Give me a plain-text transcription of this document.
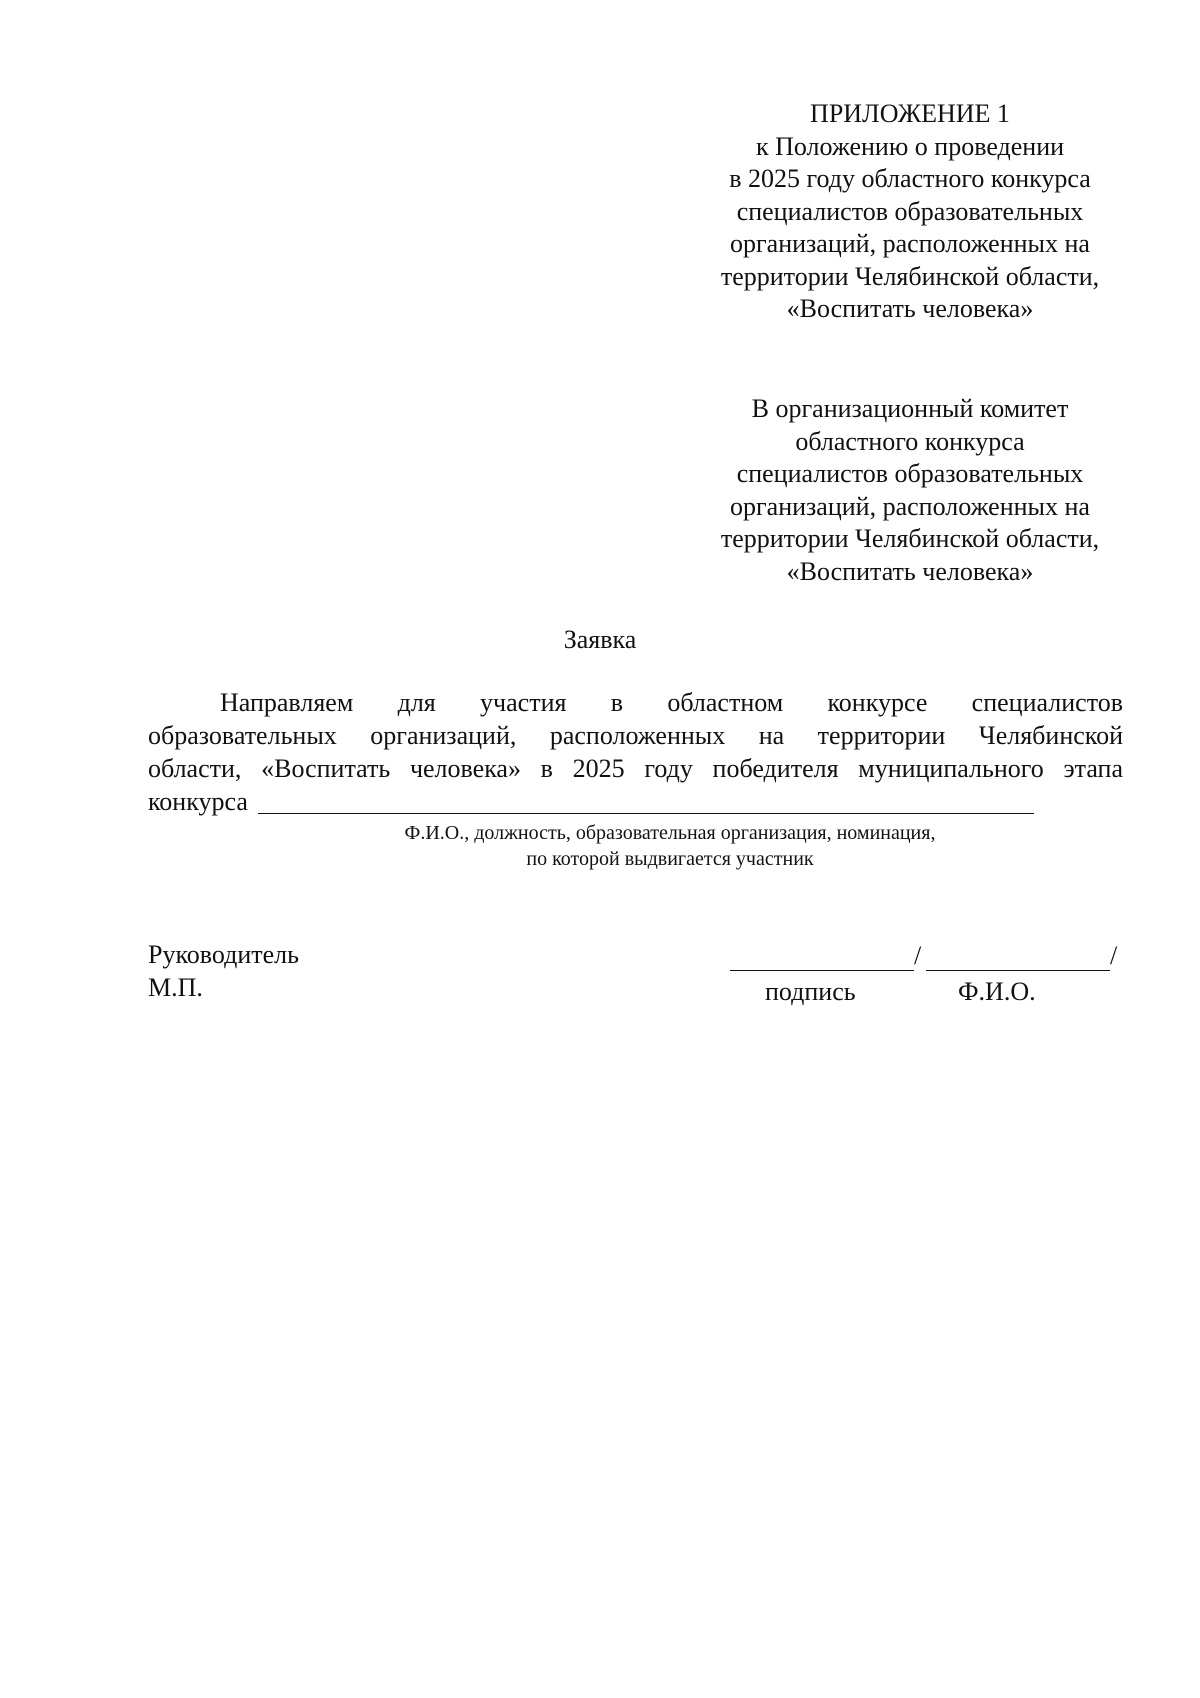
ПРИЛОЖЕНИЕ 1
к Положению о проведении
в 2025 году областного конкурса
специалистов образовательных
организаций, расположенных на
территории Челябинской области,
«Воспитать человека»
В организационный комитет
областного конкурса
специалистов образовательных
организаций, расположенных на
территории Челябинской области,
«Воспитать человека»
Заявка
Направляем для участия в областном конкурсе специалистов
образовательных организаций, расположенных на территории Челябинской
области, «Воспитать человека» в 2025 году победителя муниципального этапа
конкурса
Ф.И.О., должность, образовательная организация, номинация,
по которой выдвигается участник
Руководитель
М.П.
/	/
подпись	Ф.И.О.
